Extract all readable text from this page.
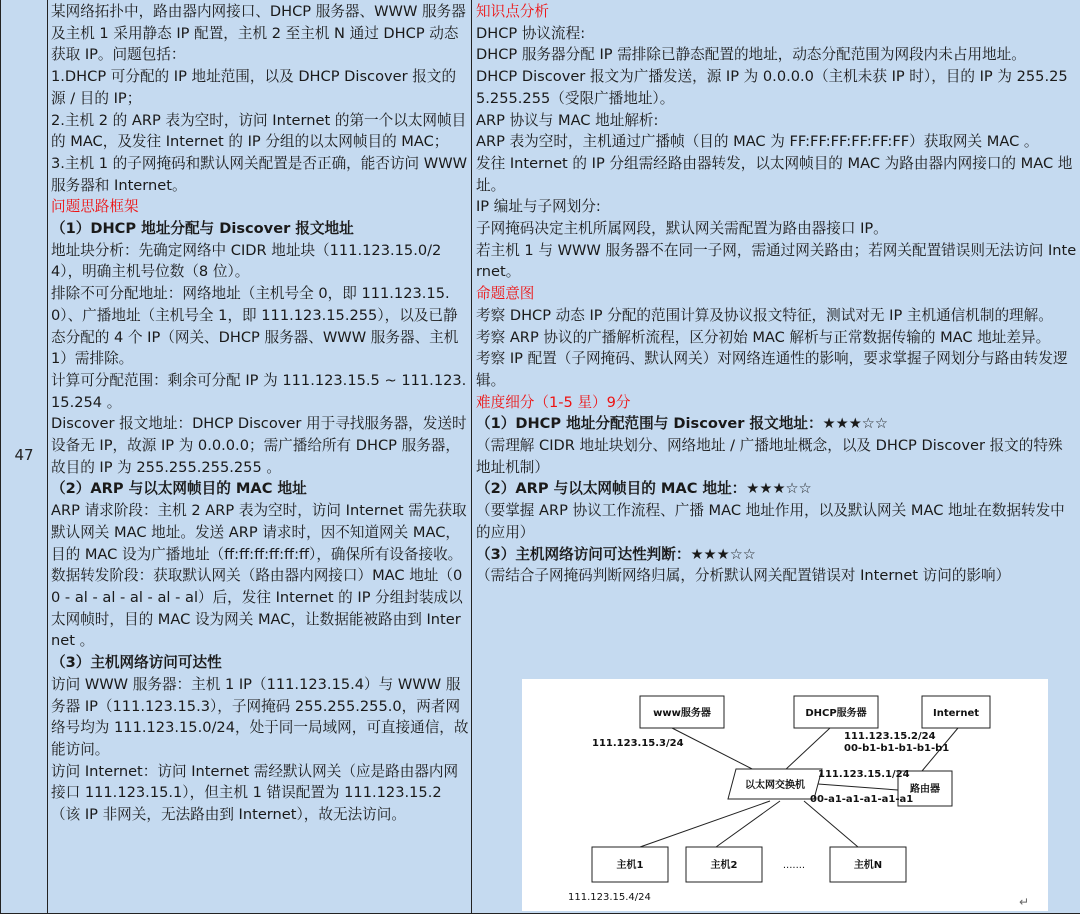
47
某网络拓扑中，路由器内网接口、DHCP 服务器、WWW 服务器及主机 1 采用静态 IP 配置，主机 2 至主机 N 通过 DHCP 动态获取 IP。问题包括：
1.DHCP 可分配的 IP 地址范围，以及 DHCP Discover 报文的源 / 目的 IP；
2.主机 2 的 ARP 表为空时，访问 Internet 的第一个以太网帧目的 MAC，及发往 Internet 的 IP 分组的以太网帧目的 MAC；
3.主机 1 的子网掩码和默认网关配置是否正确，能否访问 WWW 服务器和 Internet。
问题思路框架
（1）DHCP 地址分配与 Discover 报文地址
地址块分析：先确定网络中 CIDR 地址块（111.123.15.0/24），明确主机号位数（8 位）。
排除不可分配地址：网络地址（主机号全 0，即 111.123.15.0）、广播地址（主机号全 1，即 111.123.15.255），以及已静态分配的 4 个 IP（网关、DHCP 服务器、WWW 服务器、主机 1）需排除。
计算可分配范围：剩余可分配 IP 为 111.123.15.5 ~ 111.123.15.254 。
Discover 报文地址：DHCP Discover 用于寻找服务器，发送时设备无 IP，故源 IP 为 0.0.0.0；需广播给所有 DHCP 服务器，故目的 IP 为 255.255.255.255 。
（2）ARP 与以太网帧目的 MAC 地址
ARP 请求阶段：主机 2 ARP 表为空时，访问 Internet 需先获取默认网关 MAC 地址。发送 ARP 请求时，因不知道网关 MAC，目的 MAC 设为广播地址（ff:ff:ff:ff:ff:ff），确保所有设备接收。
数据转发阶段：获取默认网关（路由器内网接口）MAC 地址（00 - al - al - al - al - al）后，发往 Internet 的 IP 分组封装成以太网帧时，目的 MAC 设为网关 MAC，让数据能被路由到 Internet 。
（3）主机网络访问可达性
访问 WWW 服务器：主机 1 IP（111.123.15.4）与 WWW 服务器 IP（111.123.15.3），子网掩码 255.255.255.0，两者网络号均为 111.123.15.0/24，处于同一局域网，可直接通信，故能访问。
访问 Internet：访问 Internet 需经默认网关（应是路由器内网接口 111.123.15.1），但主机 1 错误配置为 111.123.15.2（该 IP 非网关，无法路由到 Internet），故无法访问。
知识点分析
DHCP 协议流程:
DHCP 服务器分配 IP 需排除已静态配置的地址，动态分配范围为网段内未占用地址。
DHCP Discover 报文为广播发送，源 IP 为 0.0.0.0（主机未获 IP 时），目的 IP 为 255.255.255.255（受限广播地址）。
ARP 协议与 MAC 地址解析:
ARP 表为空时，主机通过广播帧（目的 MAC 为 FF:FF:FF:FF:FF:FF）获取网关 MAC 。
发往 Internet 的 IP 分组需经路由器转发，以太网帧目的 MAC 为路由器内网接口的 MAC 地址。
IP 编址与子网划分:
子网掩码决定主机所属网段，默认网关需配置为路由器接口 IP。
若主机 1 与 WWW 服务器不在同一子网，需通过网关路由；若网关配置错误则无法访问 Internet。
命题意图
考察 DHCP 动态 IP 分配的范围计算及协议报文特征，测试对无 IP 主机通信机制的理解。
考察 ARP 协议的广播解析流程，区分初始 MAC 解析与正常数据传输的 MAC 地址差异。
考察 IP 配置（子网掩码、默认网关）对网络连通性的影响，要求掌握子网划分与路由转发逻辑。
难度细分（1-5 星）9分
（1）DHCP 地址分配范围与 Discover 报文地址：★★★☆☆
（需理解 CIDR 地址块划分、网络地址 / 广播地址概念，以及 DHCP Discover 报文的特殊地址机制）
（2）ARP 与以太网帧目的 MAC 地址：★★★☆☆
（要掌握 ARP 协议工作流程、广播 MAC 地址作用，以及默认网关 MAC 地址在数据转发中的应用）
（3）主机网络访问可达性判断：★★★☆☆
（需结合子网掩码判断网络归属，分析默认网关配置错误对 Internet 访问的影响）
www服务器	DHCP服务器	Internet
以太网交换机	路由器
主机1	主机2	主机N
.......
111.123.15.3/24
111.123.15.2/24
00-b1-b1-b1-b1-b1
111.123.15.1/24
00-a1-a1-a1-a1-a1
111.123.15.4/24	↵
